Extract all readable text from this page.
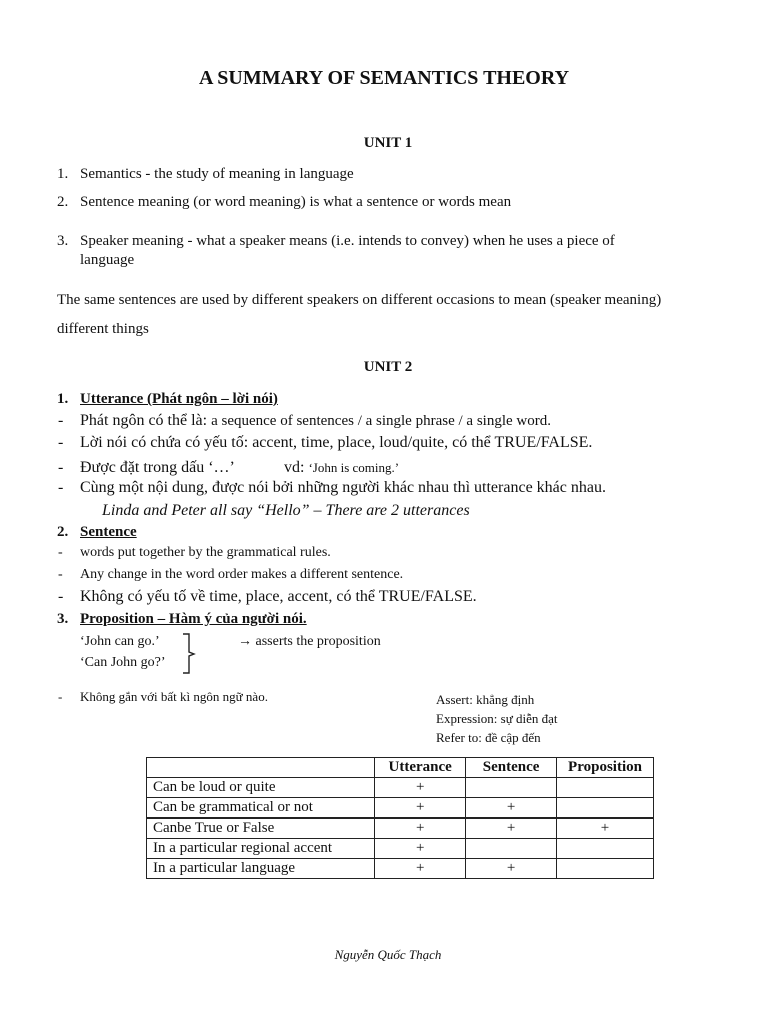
A SUMMARY OF SEMANTICS THEORY
UNIT 1
1. Semantics - the study of meaning in language
2. Sentence meaning (or word meaning) is what a sentence or words mean
3. Speaker meaning - what a speaker means (i.e. intends to convey) when he uses a piece of
language
The same sentences are used by different speakers on different occasions to mean (speaker meaning)
different things
UNIT 2
1. Utterance (Phát ngôn – lời nói)
- Phát ngôn có thể là: a sequence of sentences / a single phrase / a single word.
- Lời nói có chứa có yếu tố: accent, time, place, loud/quite, có thể TRUE/FALSE.
- Được đặt trong dấu ‘…’	vd: ‘John is coming.’
- Cùng một nội dung, được nói bởi những người khác nhau thì utterance khác nhau.
Linda and Peter all say “Hello” – There are 2 utterances
2. Sentence
- words put together by the grammatical rules.
- Any change in the word order makes a different sentence.
- Không có yếu tố về time, place, accent, có thể TRUE/FALSE.
3. Proposition – Hàm ý của người nói.
‘John can go.’
‘Can John go?’
→ asserts the proposition
- Không gắn với bất kì ngôn ngữ nào.	Assert: khẳng định
Expression: sự diễn đạt
Refer to: đề cập đến
	Utterance	Sentence	Proposition
Can be loud or quite	+		
Can be grammatical or not	+	+	
Canbe True or False	+	+	+
In a particular regional accent	+		
In a particular language	+	+	
Nguyễn Quốc Thạch
